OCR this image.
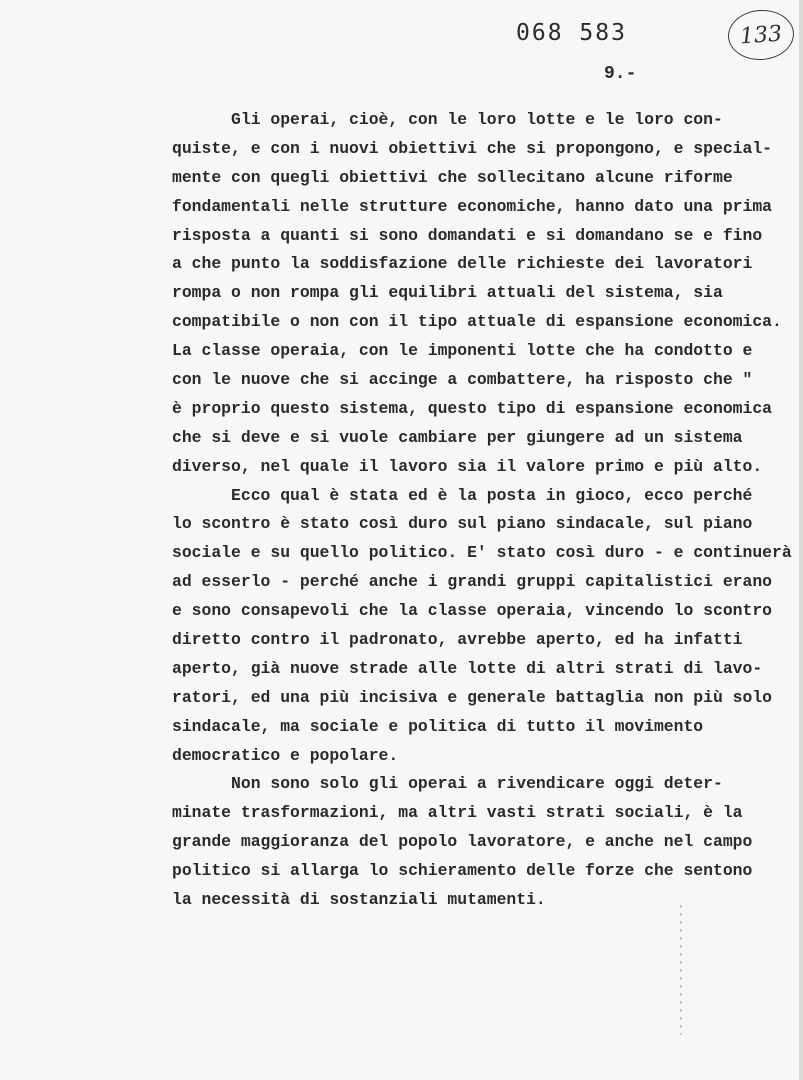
068 583
9.-
133
Gli operai, cioè, con le loro lotte e le loro con-
quiste, e con i nuovi obiettivi che si propongono, e special-
mente con quegli obiettivi che sollecitano alcune riforme
fondamentali nelle strutture economiche, hanno dato una prima
risposta a quanti si sono domandati e si domandano se e fino
a che punto la soddisfazione delle richieste dei lavoratori
rompa o non rompa gli equilibri attuali del sistema, sia
compatibile o non con il tipo attuale di espansione economica.
La classe operaia, con le imponenti lotte che ha condotto e
con le nuove che si accinge a combattere, ha risposto che "
è proprio questo sistema, questo tipo di espansione economica
che si deve e si vuole cambiare per giungere ad un sistema
diverso, nel quale il lavoro sia il valore primo e più alto.
Ecco qual è stata ed è la posta in gioco, ecco perché
lo scontro è stato così duro sul piano sindacale, sul piano
sociale e su quello politico. E' stato così duro - e continuerà
ad esserlo - perché anche i grandi gruppi capitalistici erano
e sono consapevoli che la classe operaia, vincendo lo scontro
diretto contro il padronato, avrebbe aperto, ed ha infatti
aperto, già nuove strade alle lotte di altri strati di lavo-
ratori, ed una più incisiva e generale battaglia non più solo
sindacale, ma sociale e politica di tutto il movimento
democratico e popolare.
Non sono solo gli operai a rivendicare oggi deter-
minate trasformazioni, ma altri vasti strati sociali, è la
grande maggioranza del popolo lavoratore, e anche nel campo
politico si allarga lo schieramento delle forze che sentono
la necessità di sostanziali mutamenti.
